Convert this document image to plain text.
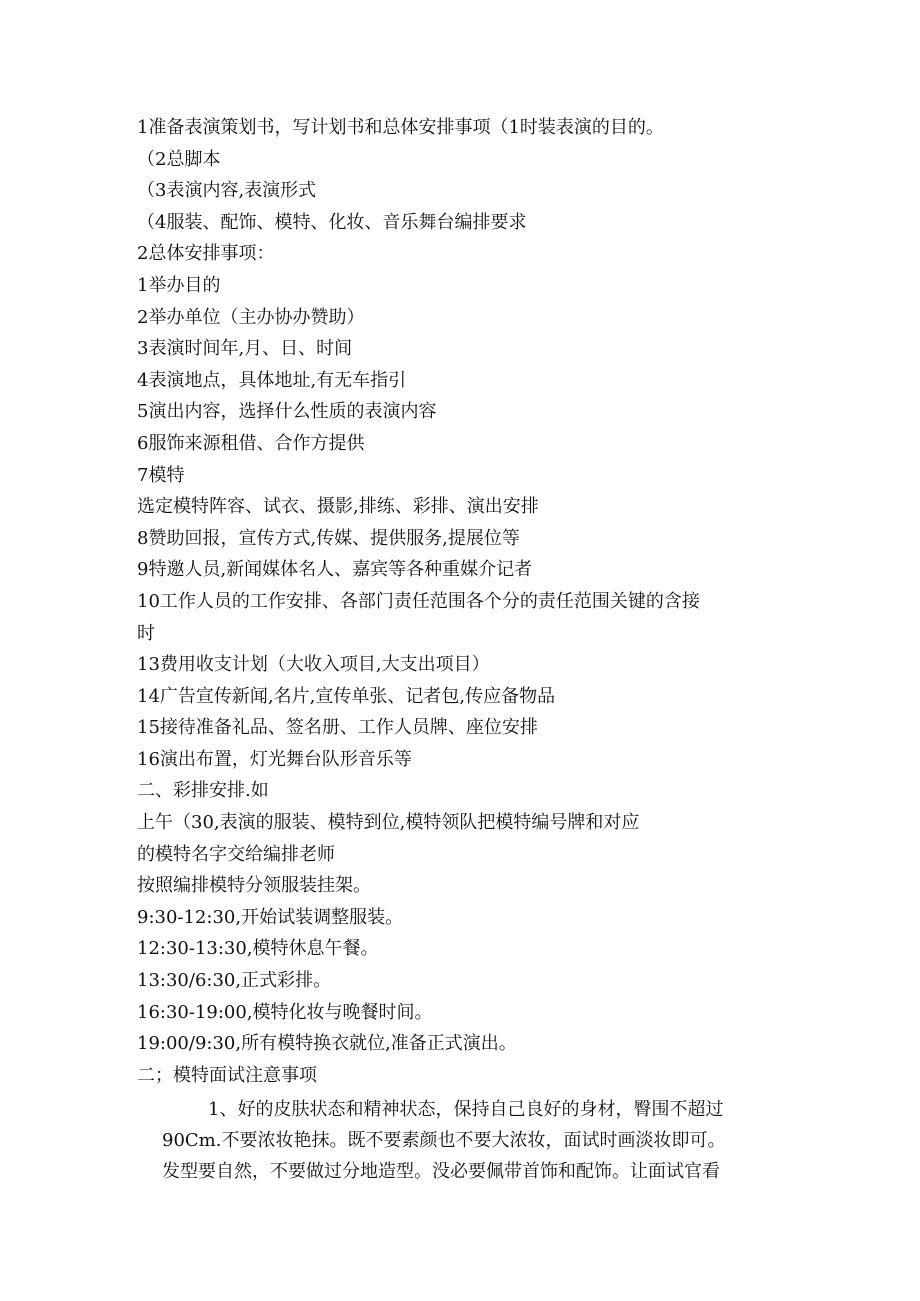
1准备表演策划书，写计划书和总体安排事项（1时装表演的目的。
（2总脚本
（3表演内容,表演形式
（4服装、配饰、模特、化妆、音乐舞台编排要求
2总体安排事项：
1举办目的
2举办单位（主办协办赞助）
3表演时间年,月、日、时间
4表演地点，具体地址,有无车指引
5演出内容，选择什么性质的表演内容
6服饰来源租借、合作方提供
7模特
选定模特阵容、试衣、摄影,排练、彩排、演出安排
8赞助回报，宣传方式,传媒、提供服务,提展位等
9特邀人员,新闻媒体名人、嘉宾等各种重媒介记者
10工作人员的工作安排、各部门责任范围各个分的责任范围关键的含接
时
13费用收支计划（大收入项目,大支出项目）
14广告宣传新闻,名片,宣传单张、记者包,传应备物品
15接待准备礼品、签名册、工作人员牌、座位安排
16演出布置，灯光舞台队形音乐等
二、彩排安排.如
上午（30,表演的服装、模特到位,模特领队把模特编号牌和对应
的模特名字交给编排老师
按照编排模特分领服装挂架。
9:30-12:30,开始试装调整服装。
12:30-13:30,模特休息午餐。
13:30/6:30,正式彩排。
16:30-19:00,模特化妆与晚餐时间。
19:00/9:30,所有模特换衣就位,准备正式演出。
二；模特面试注意事项
1、好的皮肤状态和精神状态，保持自己良好的身材，臀围不超过
90Cm.不要浓妆艳抹。既不要素颜也不要大浓妆，面试时画淡妆即可。
发型要自然，不要做过分地造型。没必要佩带首饰和配饰。让面试官看
